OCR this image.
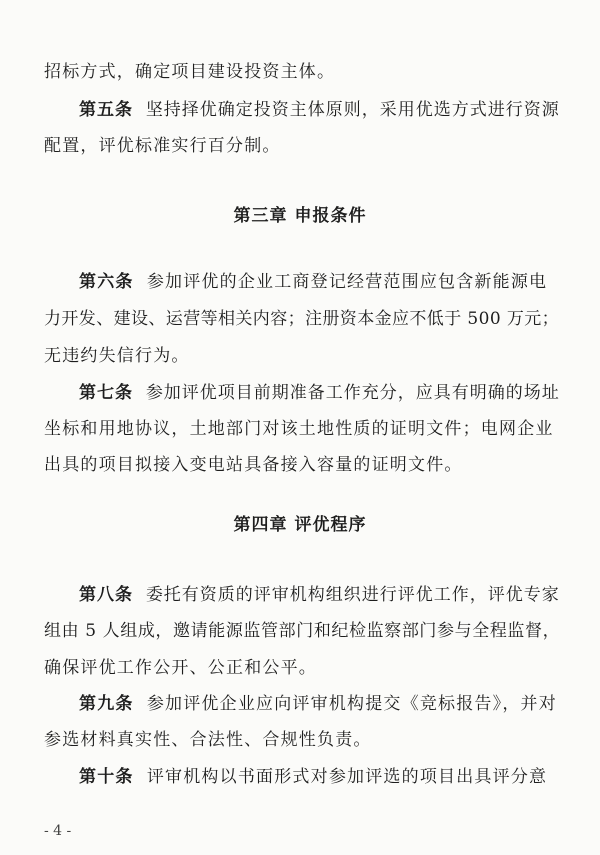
招标方式，确定项目建设投资主体。
第五条 坚持择优确定投资主体原则，采用优选方式进行资源
配置，评优标准实行百分制。
第三章 申报条件
第六条 参加评优的企业工商登记经营范围应包含新能源电
力开发、建设、运营等相关内容；注册资本金应不低于 500 万元；
无违约失信行为。
第七条 参加评优项目前期准备工作充分，应具有明确的场址
坐标和用地协议，土地部门对该土地性质的证明文件；电网企业
出具的项目拟接入变电站具备接入容量的证明文件。
第四章 评优程序
第八条 委托有资质的评审机构组织进行评优工作，评优专家
组由 5 人组成，邀请能源监管部门和纪检监察部门参与全程监督，
确保评优工作公开、公正和公平。
第九条 参加评优企业应向评审机构提交《竞标报告》，并对
参选材料真实性、合法性、合规性负责。
第十条 评审机构以书面形式对参加评选的项目出具评分意
- 4 -
